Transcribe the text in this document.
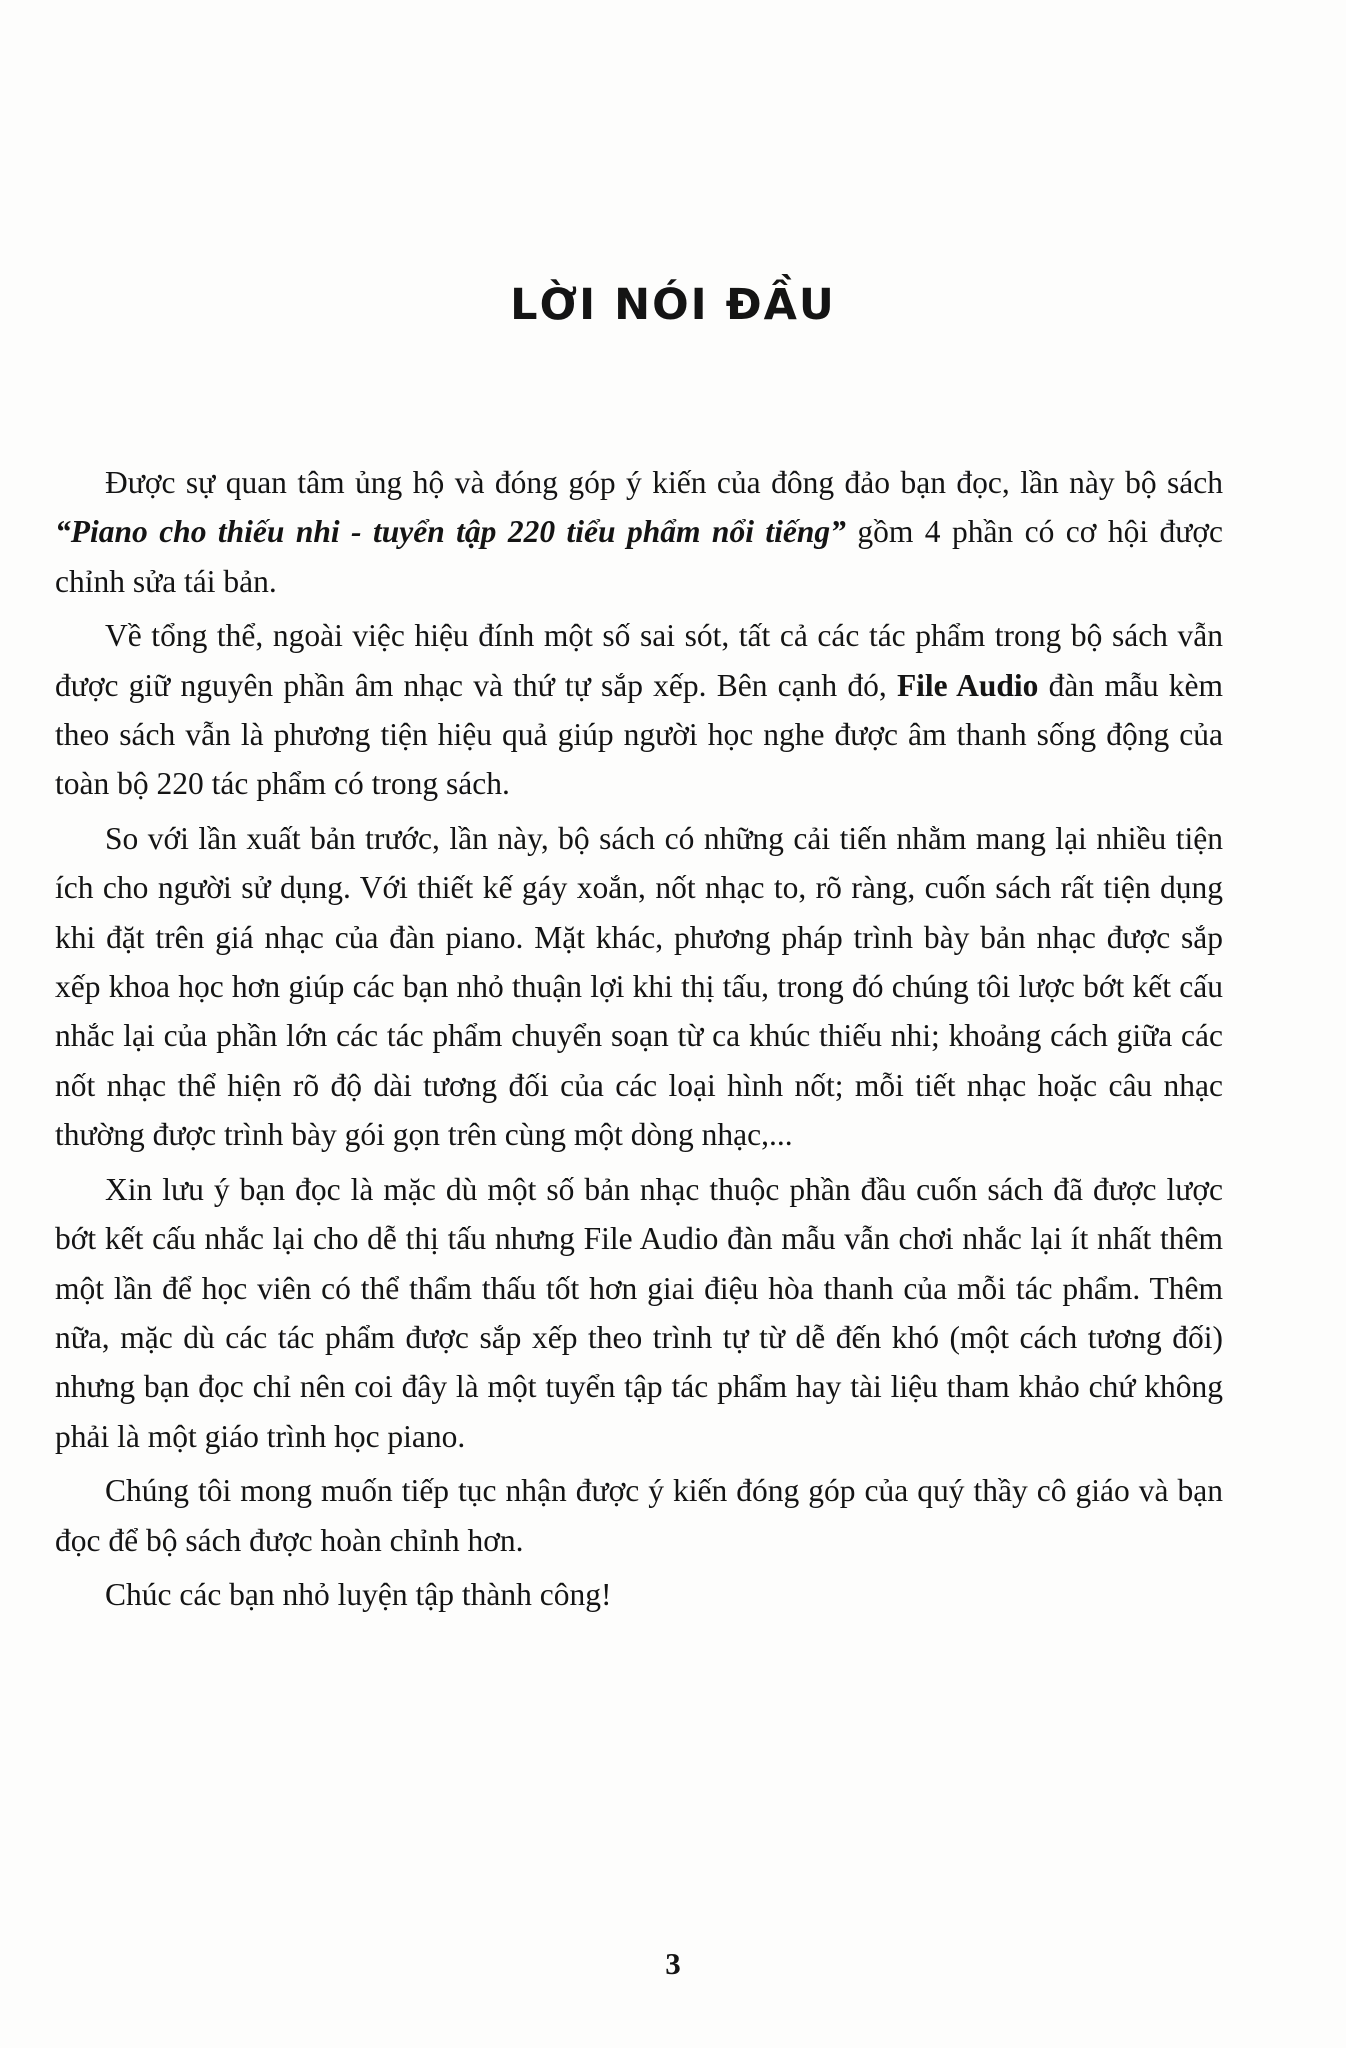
LỜI NÓI ĐẦU

Được sự quan tâm ủng hộ và đóng góp ý kiến của đông đảo bạn đọc, lần này bộ sách “Piano cho thiếu nhi - tuyển tập 220 tiểu phẩm nổi tiếng” gồm 4 phần có cơ hội được chỉnh sửa tái bản.

Về tổng thể, ngoài việc hiệu đính một số sai sót, tất cả các tác phẩm trong bộ sách vẫn được giữ nguyên phần âm nhạc và thứ tự sắp xếp. Bên cạnh đó, File Audio đàn mẫu kèm theo sách vẫn là phương tiện hiệu quả giúp người học nghe được âm thanh sống động của toàn bộ 220 tác phẩm có trong sách.

So với lần xuất bản trước, lần này, bộ sách có những cải tiến nhằm mang lại nhiều tiện ích cho người sử dụng. Với thiết kế gáy xoắn, nốt nhạc to, rõ ràng, cuốn sách rất tiện dụng khi đặt trên giá nhạc của đàn piano. Mặt khác, phương pháp trình bày bản nhạc được sắp xếp khoa học hơn giúp các bạn nhỏ thuận lợi khi thị tấu, trong đó chúng tôi lược bớt kết cấu nhắc lại của phần lớn các tác phẩm chuyển soạn từ ca khúc thiếu nhi; khoảng cách giữa các nốt nhạc thể hiện rõ độ dài tương đối của các loại hình nốt; mỗi tiết nhạc hoặc câu nhạc thường được trình bày gói gọn trên cùng một dòng nhạc,...

Xin lưu ý bạn đọc là mặc dù một số bản nhạc thuộc phần đầu cuốn sách đã được lược bớt kết cấu nhắc lại cho dễ thị tấu nhưng File Audio đàn mẫu vẫn chơi nhắc lại ít nhất thêm một lần để học viên có thể thẩm thấu tốt hơn giai điệu hòa thanh của mỗi tác phẩm. Thêm nữa, mặc dù các tác phẩm được sắp xếp theo trình tự từ dễ đến khó (một cách tương đối) nhưng bạn đọc chỉ nên coi đây là một tuyển tập tác phẩm hay tài liệu tham khảo chứ không phải là một giáo trình học piano.

Chúng tôi mong muốn tiếp tục nhận được ý kiến đóng góp của quý thầy cô giáo và bạn đọc để bộ sách được hoàn chỉnh hơn.

Chúc các bạn nhỏ luyện tập thành công!

3
